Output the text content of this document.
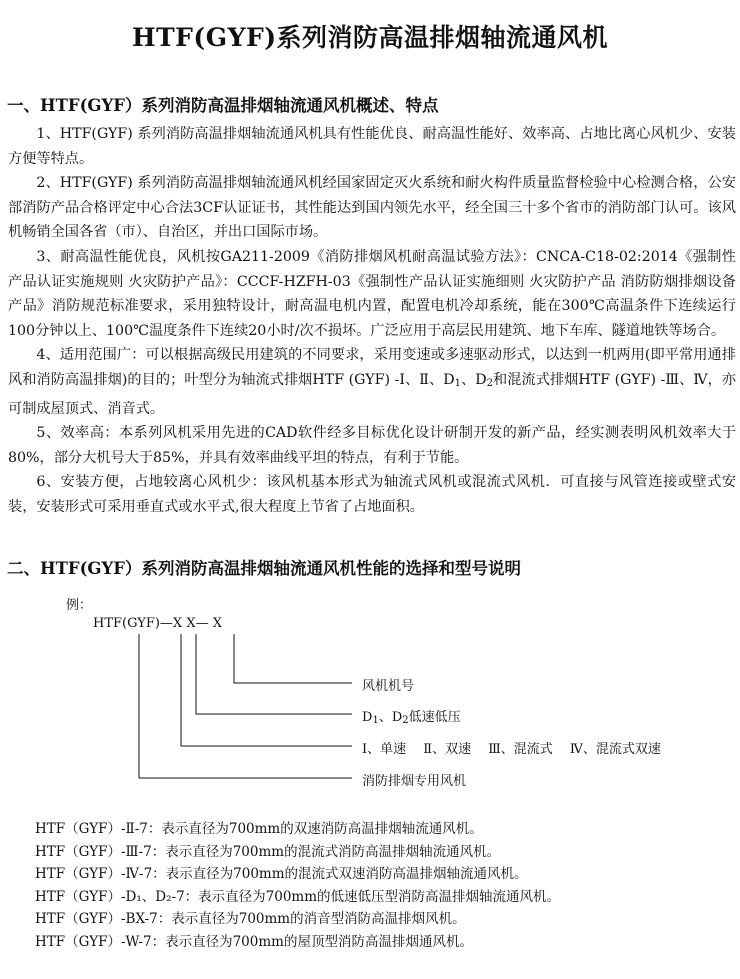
HTF(GYF)系列消防高温排烟轴流通风机
一、HTF(GYF）系列消防高温排烟轴流通风机概述、特点

1、HTF(GYF) 系列消防高温排烟轴流通风机具有性能优良、耐高温性能好、效率高、占地比离心风机少、安装方便等特点。

2、HTF(GYF) 系列消防高温排烟轴流通风机经国家固定灭火系统和耐火构件质量监督检验中心检测合格，公安部消防产品合格评定中心合法3CF认证证书，其性能达到国内领先水平，经全国三十多个省市的消防部门认可。该风机畅销全国各省（市）、自治区，并出口国际市场。

3、耐高温性能优良，风机按GA211-2009《消防排烟风机耐高温试验方法》：CNCA-C18-02:2014《强制性产品认证实施规则 火灾防护产品》：CCCF-HZFH-03《强制性产品认证实施细则 火灾防护产品 消防防烟排烟设备产品》消防规范标准要求，采用独特设计，耐高温电机内置，配置电机冷却系统，能在300℃高温条件下连续运行100分钟以上、100℃温度条件下连续20小时/次不损坏。广泛应用于高层民用建筑、地下车库、隧道地铁等场合。

4、适用范围广：可以根据高级民用建筑的不同要求，采用变速或多速驱动形式，以达到一机两用(即平常用通排风和消防高温排烟)的目的；叶型分为轴流式排烟HTF (GYF) -Ⅰ、Ⅱ、$D_1$、$D_2$和混流式排烟HTF (GYF) -Ⅲ、Ⅳ，亦可制成屋顶式、消音式。

5、效率高：本系列风机采用先进的CAD软件经多目标优化设计研制开发的新产品，经实测表明风机效率大于80%，部分大机号大于85%，并具有效率曲线平坦的特点，有利于节能。

6、安装方便，占地较离心风机少：该风机基本形式为轴流式风机或混流式风机．可直接与风管连接或壁式安装，安装形式可采用垂直式或水平式,很大程度上节省了占地面积。

二、HTF(GYF）系列消防高温排烟轴流通风机性能的选择和型号说明
例：
HTF(GYF)—X X— X
风机机号
$D_1$、$D_2$低速低压
Ⅰ、单速　 Ⅱ、双速　 Ⅲ、混流式　 Ⅳ、混流式双速
消防排烟专用风机
HTF（GYF）-Ⅱ-7：表示直径为700mm的双速消防高温排烟轴流通风机。
HTF（GYF）-Ⅲ-7：表示直径为700mm的混流式消防高温排烟轴流通风机。
HTF（GYF）-Ⅳ-7：表示直径为700mm的混流式双速消防高温排烟轴流通风机。
HTF（GYF）-D₁、D₂-7：表示直径为700mm的低速低压型消防高温排烟轴流通风机。
HTF（GYF）-BX-7：表示直径为700mm的消音型消防高温排烟风机。
HTF（GYF）-W-7：表示直径为700mm的屋顶型消防高温排烟通风机。
